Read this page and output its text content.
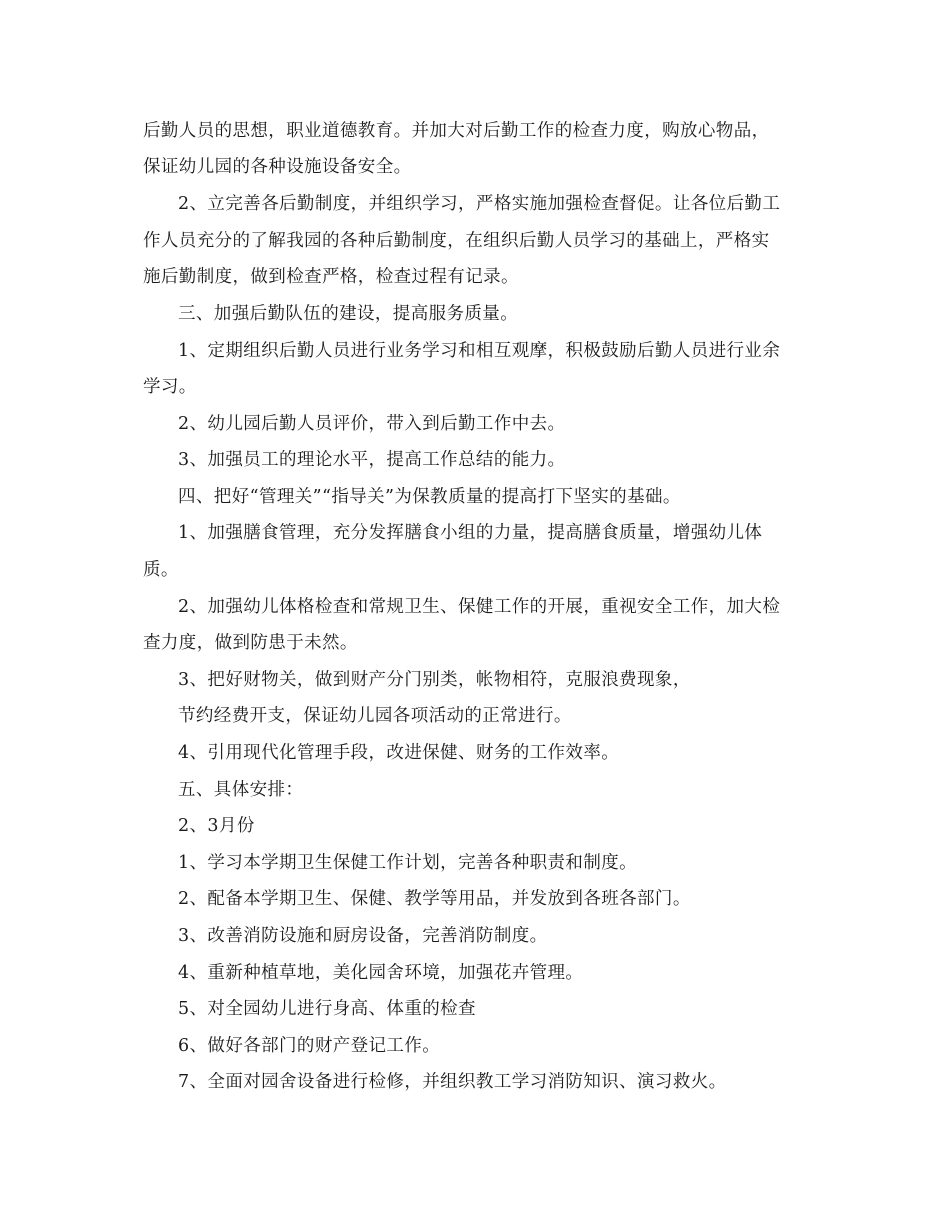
后勤人员的思想，职业道德教育。并加大对后勤工作的检查力度，购放心物品，
保证幼儿园的各种设施设备安全。
2、立完善各后勤制度，并组织学习，严格实施加强检查督促。让各位后勤工
作人员充分的了解我园的各种后勤制度，在组织后勤人员学习的基础上，严格实
施后勤制度，做到检查严格，检查过程有记录。
三、加强后勤队伍的建设，提高服务质量。
1、定期组织后勤人员进行业务学习和相互观摩，积极鼓励后勤人员进行业余
学习。
2、幼儿园后勤人员评价，带入到后勤工作中去。
3、加强员工的理论水平，提高工作总结的能力。
四、把好“管理关”“指导关”为保教质量的提高打下坚实的基础。
1、加强膳食管理，充分发挥膳食小组的力量，提高膳食质量，增强幼儿体
质。
2、加强幼儿体格检查和常规卫生、保健工作的开展，重视安全工作，加大检
查力度，做到防患于未然。
3、把好财物关，做到财产分门别类，帐物相符，克服浪费现象，
节约经费开支，保证幼儿园各项活动的正常进行。
4、引用现代化管理手段，改进保健、财务的工作效率。
五、具体安排：
2、3月份
1、学习本学期卫生保健工作计划，完善各种职责和制度。
2、配备本学期卫生、保健、教学等用品，并发放到各班各部门。
3、改善消防设施和厨房设备，完善消防制度。
4、重新种植草地，美化园舍环境，加强花卉管理。
5、对全园幼儿进行身高、体重的检查
6、做好各部门的财产登记工作。
7、全面对园舍设备进行检修，并组织教工学习消防知识、演习救火。
